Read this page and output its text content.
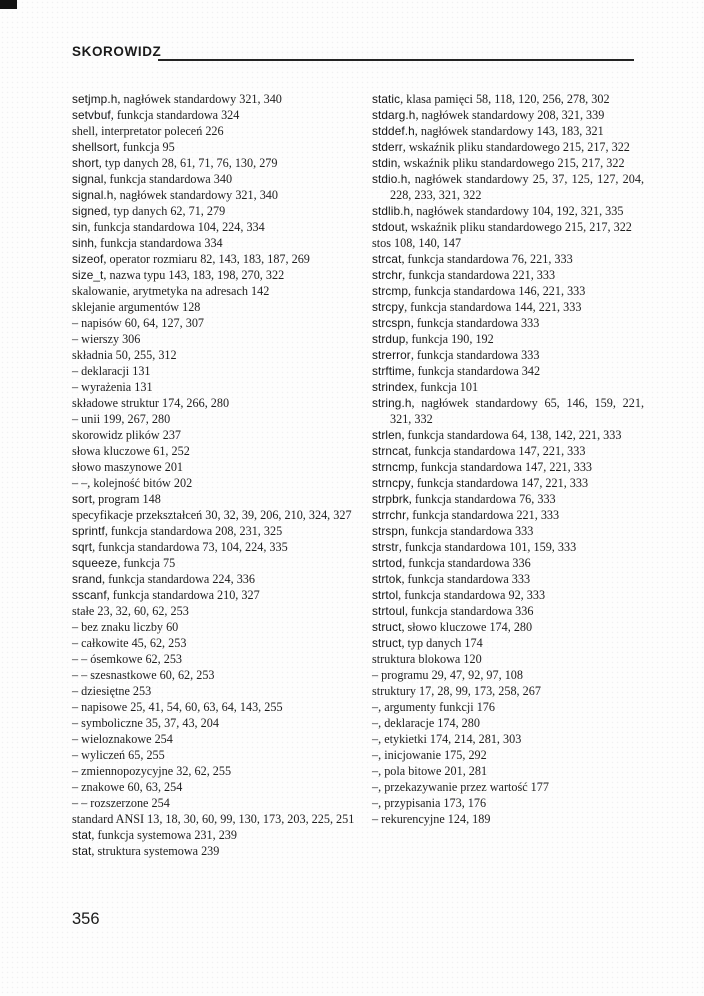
SKOROWIDZ
setjmp.h, nagłówek standardowy 321, 340
setvbuf, funkcja standardowa 324
shell, interpretator poleceń 226
shellsort, funkcja 95
short, typ danych 28, 61, 71, 76, 130, 279
signal, funkcja standardowa 340
signal.h, nagłówek standardowy 321, 340
signed, typ danych 62, 71, 279
sin, funkcja standardowa 104, 224, 334
sinh, funkcja standardowa 334
sizeof, operator rozmiaru 82, 143, 183, 187, 269
size_t, nazwa typu 143, 183, 198, 270, 322
skalowanie, arytmetyka na adresach 142
sklejanie argumentów 128
– napisów 60, 64, 127, 307
– wierszy 306
składnia 50, 255, 312
– deklaracji 131
– wyrażenia 131
składowe struktur 174, 266, 280
– unii 199, 267, 280
skorowidz plików 237
słowa kluczowe 61, 252
słowo maszynowe 201
– –, kolejność bitów 202
sort, program 148
specyfikacje przekształceń 30, 32, 39, 206, 210, 324, 327
sprintf, funkcja standardowa 208, 231, 325
sqrt, funkcja standardowa 73, 104, 224, 335
squeeze, funkcja 75
srand, funkcja standardowa 224, 336
sscanf, funkcja standardowa 210, 327
stałe 23, 32, 60, 62, 253
– bez znaku liczby 60
– całkowite 45, 62, 253
– – ósemkowe 62, 253
– – szesnastkowe 60, 62, 253
– dziesiętne 253
– napisowe 25, 41, 54, 60, 63, 64, 143, 255
– symboliczne 35, 37, 43, 204
– wieloznakowe 254
– wyliczeń 65, 255
– zmiennopozycyjne 32, 62, 255
– znakowe 60, 63, 254
– – rozszerzone 254
standard ANSI 13, 18, 30, 60, 99, 130, 173, 203, 225, 251
stat, funkcja systemowa 231, 239
stat, struktura systemowa 239
static, klasa pamięci 58, 118, 120, 256, 278, 302
stdarg.h, nagłówek standardowy 208, 321, 339
stddef.h, nagłówek standardowy 143, 183, 321
stderr, wskaźnik pliku standardowego 215, 217, 322
stdin, wskaźnik pliku standardowego 215, 217, 322
stdio.h, nagłówek standardowy 25, 37, 125, 127, 204, 228, 233, 321, 322
stdlib.h, nagłówek standardowy 104, 192, 321, 335
stdout, wskaźnik pliku standardowego 215, 217, 322
stos 108, 140, 147
strcat, funkcja standardowa 76, 221, 333
strchr, funkcja standardowa 221, 333
strcmp, funkcja standardowa 146, 221, 333
strcpy, funkcja standardowa 144, 221, 333
strcspn, funkcja standardowa 333
strdup, funkcja 190, 192
strerror, funkcja standardowa 333
strftime, funkcja standardowa 342
strindex, funkcja 101
string.h, nagłówek standardowy 65, 146, 159, 221, 321, 332
strlen, funkcja standardowa 64, 138, 142, 221, 333
strncat, funkcja standardowa 147, 221, 333
strncmp, funkcja standardowa 147, 221, 333
strncpy, funkcja standardowa 147, 221, 333
strpbrk, funkcja standardowa 76, 333
strrchr, funkcja standardowa 221, 333
strspn, funkcja standardowa 333
strstr, funkcja standardowa 101, 159, 333
strtod, funkcja standardowa 336
strtok, funkcja standardowa 333
strtol, funkcja standardowa 92, 333
strtoul, funkcja standardowa 336
struct, słowo kluczowe 174, 280
struct, typ danych 174
struktura blokowa 120
– programu 29, 47, 92, 97, 108
struktury 17, 28, 99, 173, 258, 267
–, argumenty funkcji 176
–, deklaracje 174, 280
–, etykietki 174, 214, 281, 303
–, inicjowanie 175, 292
–, pola bitowe 201, 281
–, przekazywanie przez wartość 177
–, przypisania 173, 176
– rekurencyjne 124, 189
356
